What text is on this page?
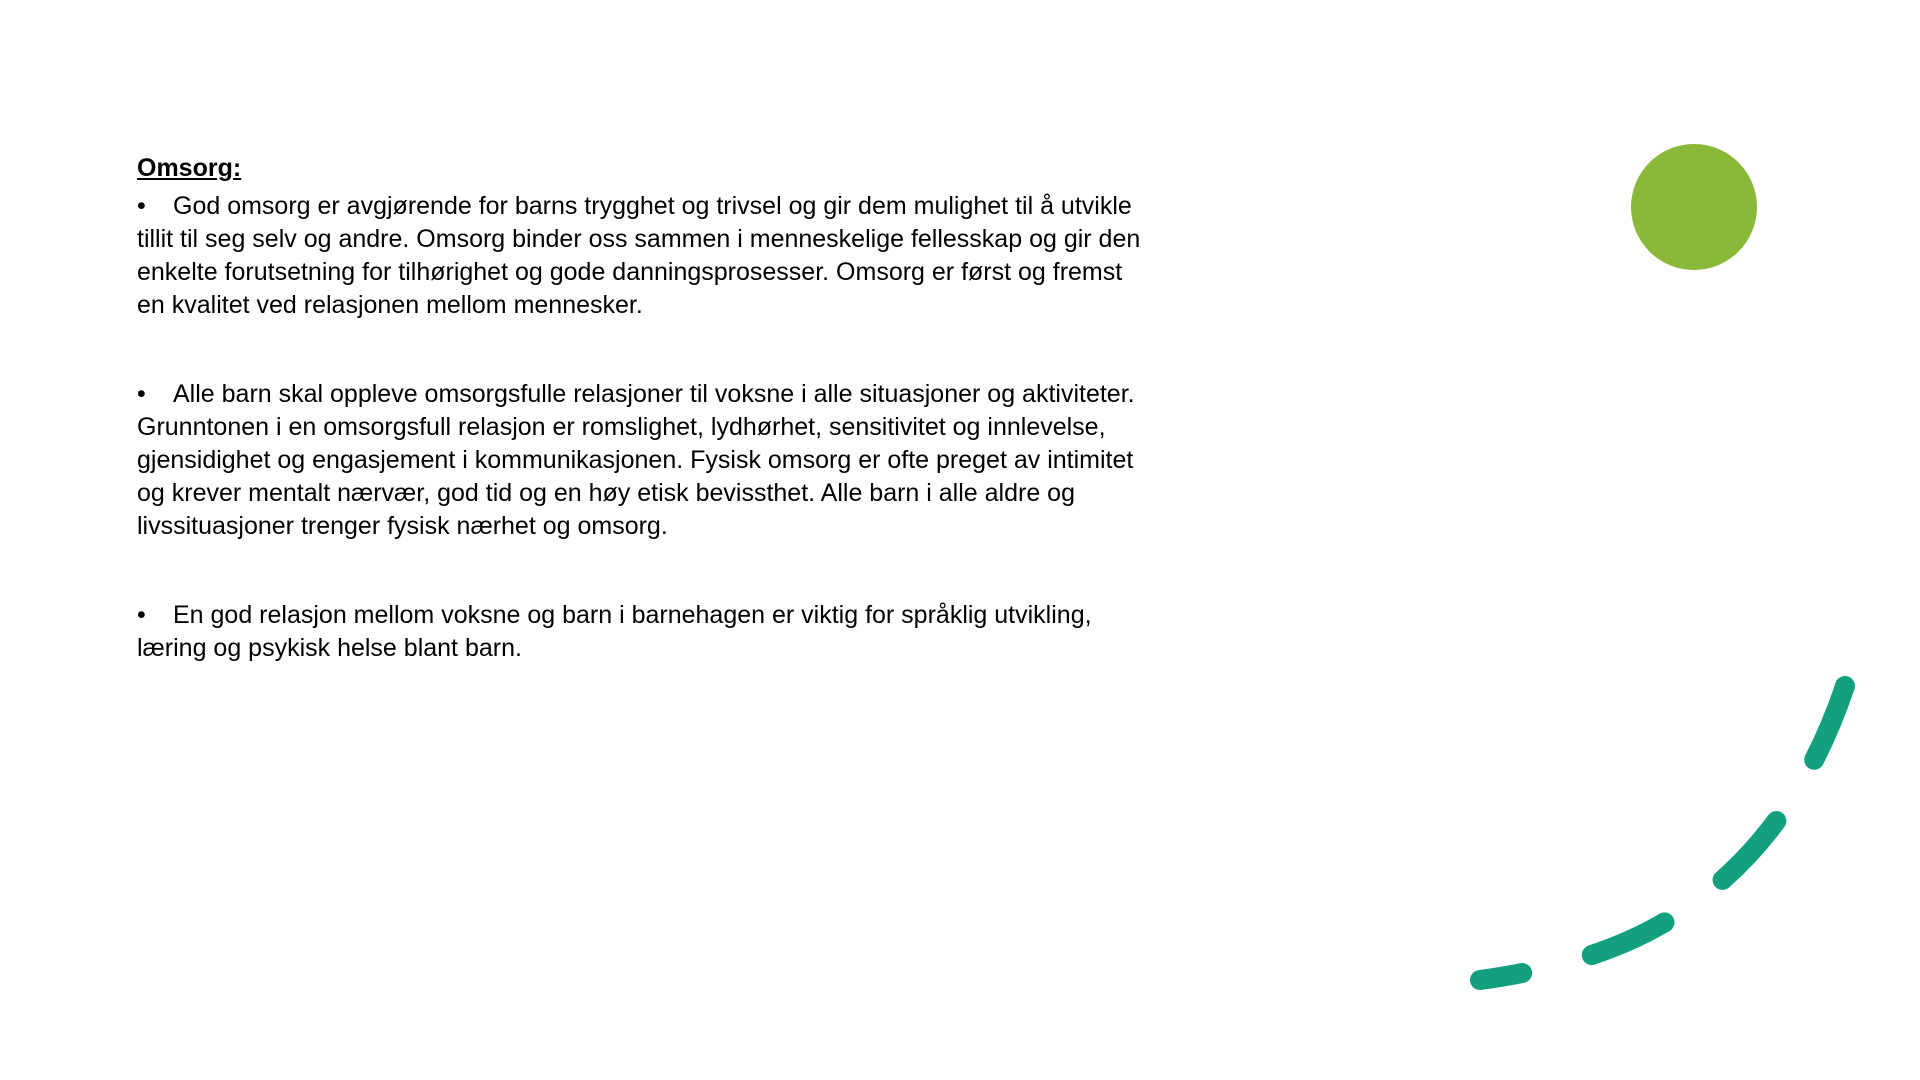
Omsorg:
• God omsorg er avgjørende for barns trygghet og trivsel og gir dem mulighet til å utvikle tillit til seg selv og andre. Omsorg binder oss sammen i menneskelige fellesskap og gir den enkelte forutsetning for tilhørighet og gode danningsprosesser. Omsorg er først og fremst en kvalitet ved relasjonen mellom mennesker.
• Alle barn skal oppleve omsorgsfulle relasjoner til voksne i alle situasjoner og aktiviteter. Grunntonen i en omsorgsfull relasjon er romslighet, lydhørhet, sensitivitet og innlevelse, gjensidighet og engasjement i kommunikasjonen. Fysisk omsorg er ofte preget av intimitet og krever mentalt nærvær, god tid og en høy etisk bevissthet. Alle barn i alle aldre og livssituasjoner trenger fysisk nærhet og omsorg.
• En god relasjon mellom voksne og barn i barnehagen er viktig for språklig utvikling, læring og psykisk helse blant barn.
